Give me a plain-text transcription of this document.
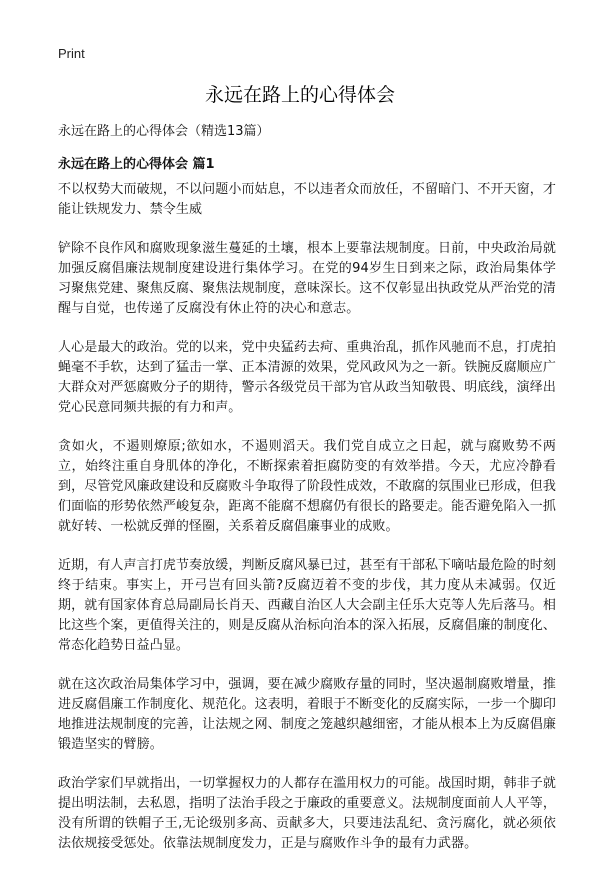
Print
永远在路上的心得体会

永远在路上的心得体会（精选13篇）

永远在路上的心得体会 篇1

不以权势大而破规，不以问题小而姑息，不以违者众而放任，不留暗门、不开天窗，才能让铁规发力、禁令生威

铲除不良作风和腐败现象滋生蔓延的土壤，根本上要靠法规制度。日前，中央政治局就加强反腐倡廉法规制度建设进行集体学习。在党的94岁生日到来之际，政治局集体学习聚焦党建、聚焦反腐、聚焦法规制度，意味深长。这不仅彰显出执政党从严治党的清醒与自觉，也传递了反腐没有休止符的决心和意志。

人心是最大的政治。党的以来，党中央猛药去疴、重典治乱，抓作风驰而不息，打虎拍蝇毫不手软，达到了猛击一掌、正本清源的效果，党风政风为之一新。铁腕反腐顺应广大群众对严惩腐败分子的期待，警示各级党员干部为官从政当知敬畏、明底线，演绎出党心民意同频共振的有力和声。

贪如火，不遏则燎原;欲如水，不遏则滔天。我们党自成立之日起，就与腐败势不两立，始终注重自身肌体的净化，不断探索着拒腐防变的有效举措。今天，尤应冷静看到，尽管党风廉政建设和反腐败斗争取得了阶段性成效，不敢腐的氛围业已形成，但我们面临的形势依然严峻复杂，距离不能腐不想腐仍有很长的路要走。能否避免陷入一抓就好转、一松就反弹的怪圈，关系着反腐倡廉事业的成败。

近期，有人声言打虎节奏放缓，判断反腐风暴已过，甚至有干部私下嘀咕最危险的时刻终于结束。事实上，开弓岂有回头箭?反腐迈着不变的步伐，其力度从未减弱。仅近期，就有国家体育总局副局长肖天、西藏自治区人大会副主任乐大克等人先后落马。相比这些个案，更值得关注的，则是反腐从治标向治本的深入拓展，反腐倡廉的制度化、常态化趋势日益凸显。

就在这次政治局集体学习中，强调，要在减少腐败存量的同时，坚决遏制腐败增量，推进反腐倡廉工作制度化、规范化。这表明，着眼于不断变化的反腐实际，一步一个脚印地推进法规制度的完善，让法规之网、制度之笼越织越细密，才能从根本上为反腐倡廉锻造坚实的臂膀。

政治学家们早就指出，一切掌握权力的人都存在滥用权力的可能。战国时期，韩非子就提出明法制，去私恩，指明了法治手段之于廉政的重要意义。法规制度面前人人平等，没有所谓的铁帽子王,无论级别多高、贡献多大，只要违法乱纪、贪污腐化，就必须依法依规接受惩处。依靠法规制度发力，正是与腐败作斗争的最有力武器。
